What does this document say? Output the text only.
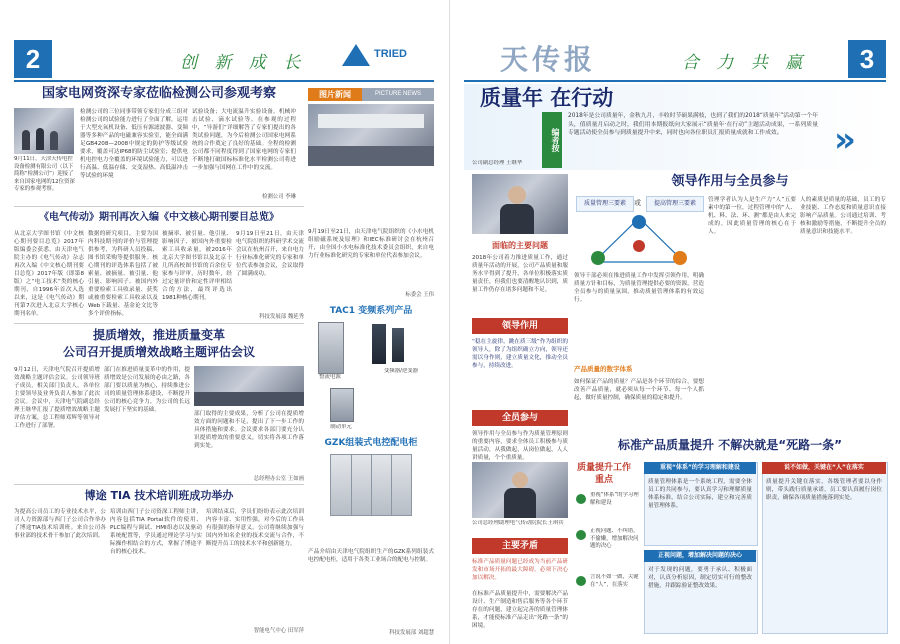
2	创 新 成 长	TRIED
国家电网资深专家莅临检测公司参观考察
9月11日，天津天传电控设备检测有限公司（以下简称“检测公司”）迎接了来自国家电网的12位资深专家的参观考察。
检测公司的三位同事带领专家们分成三组对检测公司的试验能力进行了全面了解，运用于大型充氧机设备、低压有源滤波器、变频器等多种产品的电磁兼容实验室，能全面满足GB4208—2008中规定的防护等级试验要求，覆盖可达IP68的防尘试验室；提供电机电控电力全覆盖的环境试验能力，可以进行高温、低温存储、交变湿热、高低温冲击等试验的环境
试验设备；大电流温升实验设备。机械冲击试验、滴水试验等。在参观的过程中，“导游们”详细解答了专家们提出的各类试验问题，为今后检测公司国家电网系统的合作奠定了良好的基础。全程的检测公司都不同程度得到了国家电网的专家们不断地打破国标标准化水平检测公司将进一步加强与国网在工作中的交流。
检测公司 李琳
图片新闻	PICTURE NEWS
9月19日至21日，由天津电气院组织的《小水电机组励磁系统及原理》和IEC标准研讨会在杭州召开，由全国小水电标准化技术委员会组织，来自电力行业标准化研究的专家和单位代表参加会议。
标委会 王伟
《电气传动》期刊再次入编《中文核心期刊要目总览》
从北京大学图书馆《中文核心期刊要目总览》2017年版编委会获悉，由天津电气院主办的《电气传动》杂志再次入编《中文核心期刊要目总览》2017年版（即第8版）之“电工技术”类的核心期刊，自1996年首次入选以来，这是《电气传动》期刊第7次进入北京大学核心期刊名单。
数据的研究项目，主要为国内科技期刊的评价与管理提供参考，为科研人员投稿、图书馆采购等提供服务。核心期刊的评选体系包括了被索量、被摘量、被引量、他引量、影响因子、被国内外重要检索工具收录量、获奖或被重要检索工具收录以及Web下载量、基金论文比等多个评价指标。
被摘率、被引量、他引量、影响因子、被国内外重要检索工具收录量，被2016年北京大学图书馆以及北京十几所高校图书馆的百余位专家参与评审，历时数年，经过定量评价和定性评审相结合的方法，最终评选出1981种核心期刊。
9月19日至21日，由天津电气院组织的科研学术交流会议在杭州召开，来自电力行业标准化研究的专家和单位代表参加会议，会议取得了圆满成功。
科技发展部 魏延秀
提质增效，推进质量变革
公司召开提质增效战略主题评估会议
9月12日，天津电气院召开提质增效战略主题评估会议。公司领导班子成员，相关部门负责人，各单位主要领导及业务负责人参加了此次会议。会议中，天津电气院副总经理王继华汇报了提质增效战略主题评估方案，总工程师邓辉等领导对工作进行了部署。
部门在推进质量变革中的作用，提质增效是公司发展的必由之路，各部门要以质量为核心，持续推进公司的质量管理体系建设，不断提升公司的核心竞争力，为公司的长远发展打下坚实的基础。
部门取得的主要成果，分析了公司在提质增效方面的问题和不足，提出了下一步工作的具体措施和要求。会议要求各部门要充分认识提质增效的重要意义，切实将各项工作落到实处。
总经理办公室 王如画
TAC1 变频系列产品
整流电源
变频器/逆变器
制动单元
GZK组装式电控配电柜
产品介绍由天津电气院组织生产的GZK系列组装式电控配电柜，适用于各类工业场合的配电与控制。
科技发展部 刘超慧
博途 TIA 技术培训班成功举办
为提高公司员工的专业技术水平，公司人力资源部与西门子公司合作举办了博途TIA技术培训班。来自公司各事业部的技术骨干参加了此次培训。
培训由西门子公司资深工程师主讲，内容包括TIA Portal软件的使用、PLC编程与调试、HMI组态以及驱动系统配置等，学员通过理论学习与实际操作相结合的方式，掌握了博途平台的核心技术。
培训结束后，学员们纷纷表示此次培训内容丰富、实用性强，对今后的工作具有很强的指导意义。公司将继续加强与国内外知名企业的技术交流与合作，不断提升员工的技术水平和创新能力。
智能电气中心 田军萍
天传报	合 力 共 赢	3
质量年 在行动
编者按
2018年是公司质量年，金秋九月，丰收时节硕果满枝，也到了我们的2018“质量年”活动第一个年头，值质量月启动之时，我们用本期报纸向大家展示“质量年·在行动”主题活动成果，一系列质量专题活动使全员参与到质量提升中来，同时也向各位职员汇报质量成就和工作成效。	»
公司副总经理 王继华
领导作用与全员参与
质量管理三要素	或	提高管理三要素	管理学者认为人是生产力“人”五要素中的第一位，过程管理中的“人、机、料、法、环、测”都是由人来完成的。因此质量管理的核心在于人。
人的素质是质量的基础，员工的专业技能、工作态度和质量意识直接影响产品质量。公司通过培训、考核和激励等措施，不断提升全员的质量意识和技能水平。
面临的主要问题
2018年公司着力推进质量工作，通过质量年活动的开展，公司产品质量和服务水平得到了提升，各单位积极落实质量责任，但我们也要清醒地认识到，质量工作仍存在诸多问题和不足。
领导作用
“稳在主旋律，跳在质三级”作为组织的领导人，除了为组织确立方向，领导还需以身作则，建立质量文化，推动全员参与，持续改进。
全员参与
领导作用与全员参与作为质量管理原则的重要内容，要求全体员工积极参与质量活动，从我做起，从岗位做起，人人讲质量，个个重质量。
领导干部必须在推进质量工作中发挥引领作用，明确质量方针和目标，为质量管理提供必要的资源，营造全员参与的质量氛围，推动质量管理体系的有效运行。
产品质量的数字体系
如何保证产品的质量？产品是各个环节的综合，要想改善产品质量，就必须从每一个环节、每一个人抓起，做好质量控制，确保质量的稳定和提升。
标准产品质量提升 不解决就是“死路一条”
公司总经理助理电气传动院院长王琪宾
主要矛盾
标准产品质量问题已经成为当前产品研发和市场开拓的最大障碍，必须下决心加以解决。
在标准产品质量提升中，需要解决产品设计、生产制造和售后服务等各个环节存在的问题，建立起完善的质量管理体系，才能使标准产品走出“死路一条”的困境。
质量提升工作重点
重视“体系”的学习理解和建设
正视问题、不纠错，不偷懒，增加解决问题的决心
言说不如一做，关键在“人”，在落实
重视“体系”的学习理解和建设
质量管理体系是一个系统工程，需要全体员工的共同参与，要认真学习和理解质量体系标准，结合公司实际，建立和完善质量管理体系。
正视问题，增加解决问题的决心
对于发现的问题，要勇于承认、积极面对，认真分析原因，制定切实可行的整改措施，并跟踪验证整改效果。
说不如做，关键在“人”在落实
质量提升关键在落实，各级管理者要以身作则，带头践行质量承诺，员工要认真履行岗位职责，确保各项质量措施落到实处。
